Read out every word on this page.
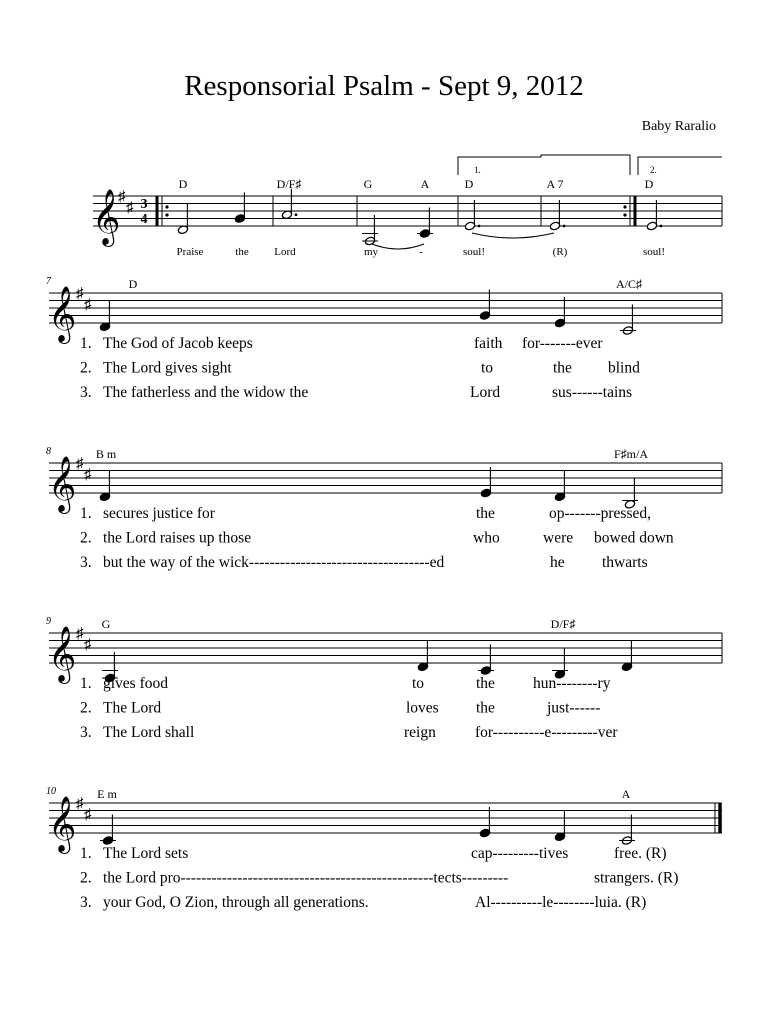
Responsorial Psalm - Sept 9, 2012
Baby Raralio
𝄞
♯
♯ 3
4
1.	2.
D	D/F♯	G	A	D	A 7	D
Praise	the Lord	my	-	soul!	(R)	soul!
𝄞 ♯
♯
7	D	A/C♯
1. The God of Jacob keeps	faith for-------ever
2. The Lord gives sight	to	the blind
3. The fatherless and the widow the	Lord	sus------tains
𝄞 ♯
♯
8	B m	F♯m/A
1. secures justice for	the	op-------pressed,
2. the Lord raises up those	who	were bowed down
3. but the way of the wick-----------------------------------ed	he thwarts
𝄞 ♯
♯
9	G	D/F♯
1. gives food	to	the hun--------ry
2. The Lord	loves the	just------
3. The Lord shall	reign	for----------e---------ver
𝄞 ♯
♯
10	E m	A
1. The Lord sets	cap---------tives	free. (R)
2. the Lord pro-------------------------------------------------tects---------	strangers. (R)
3. your God, O Zion, through all generations.	Al----------le--------luia. (R)
